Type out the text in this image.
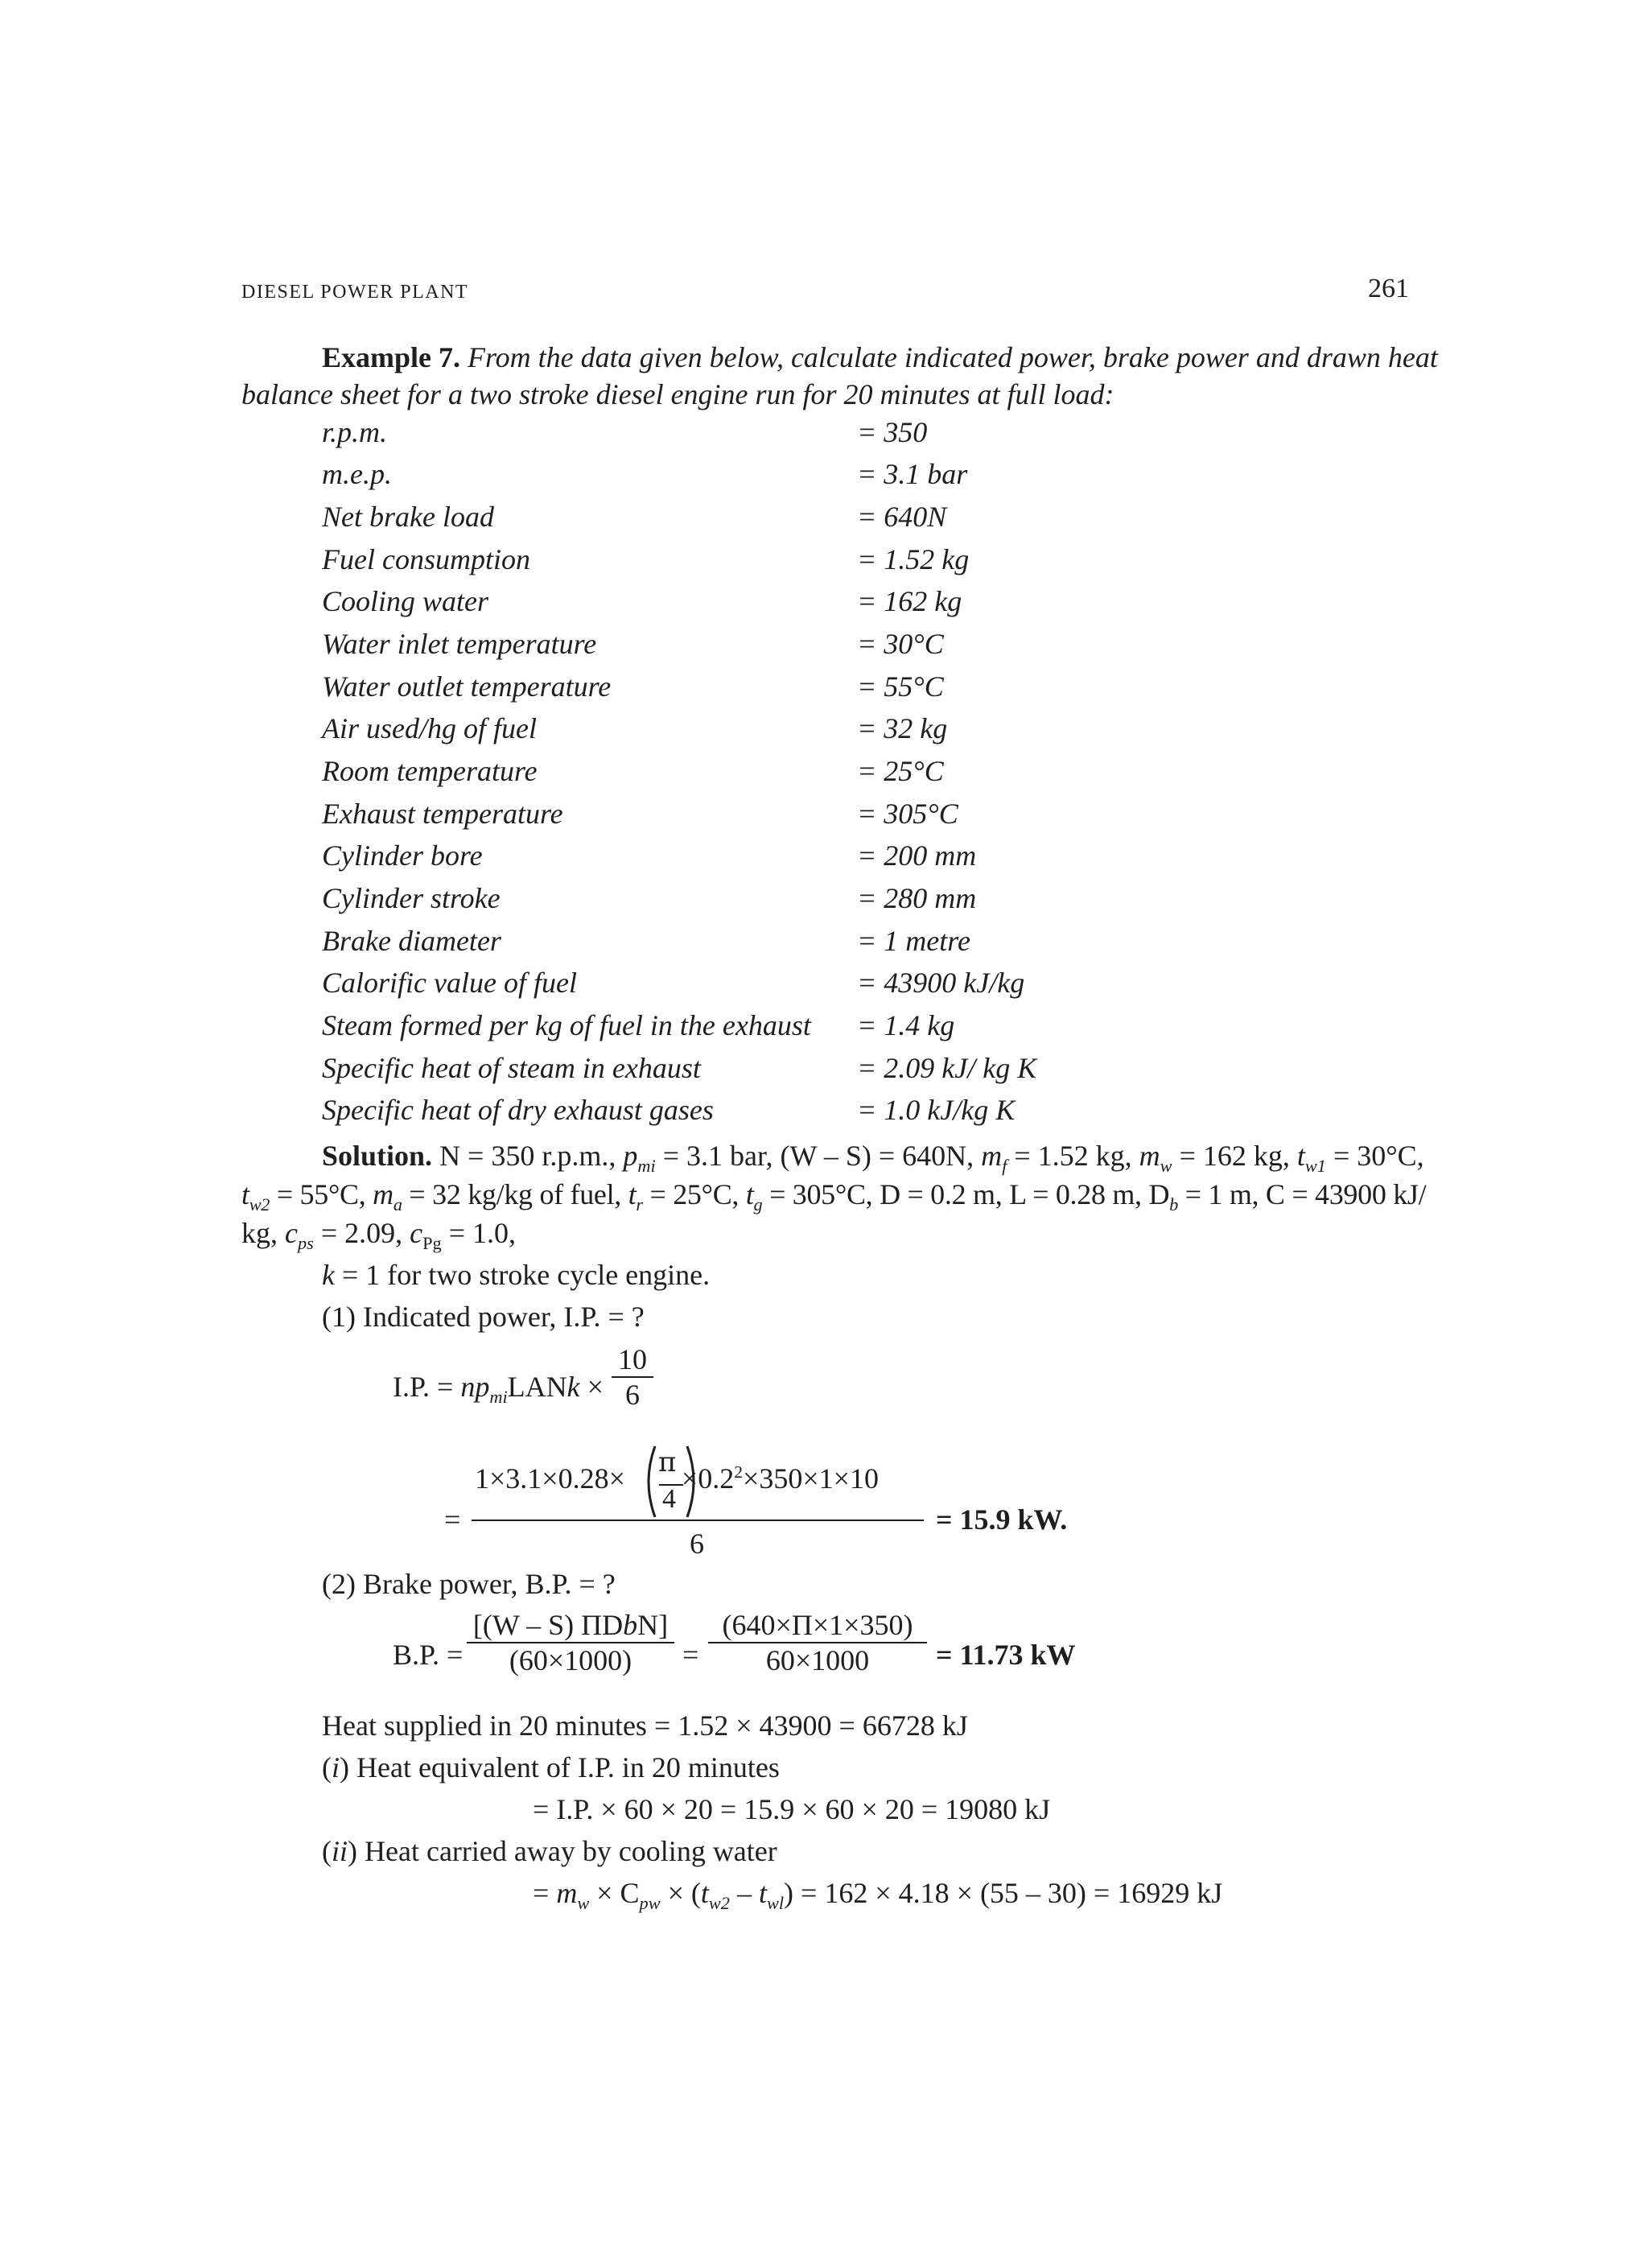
DIESEL POWER PLANT	261
Example 7. From the data given below, calculate indicated power, brake power and drawn heat
balance sheet for a two stroke diesel engine run for 20 minutes at full load:
r.p.m.	= 350
m.e.p.	= 3.1 bar
Net brake load	= 640N
Fuel consumption	= 1.52 kg
Cooling water	= 162 kg
Water inlet temperature	= 30°C
Water outlet temperature	= 55°C
Air used/hg of fuel	= 32 kg
Room temperature	= 25°C
Exhaust temperature	= 305°C
Cylinder bore	= 200 mm
Cylinder stroke	= 280 mm
Brake diameter	= 1 metre
Calorific value of fuel	= 43900 kJ/kg
Steam formed per kg of fuel in the exhaust = 1.4 kg
Specific heat of steam in exhaust	= 2.09 kJ/ kg K
Specific heat of dry exhaust gases	= 1.0 kJ/kg K
Solution. N = 350 r.p.m., $p_{mi} = 3.1$ bar, (W – S) = 640N, $m_f = 1.52$ kg, $m_w = 162$ kg, $t_{w1} = 30^\circ C$,
$t_{w2} = 55^\circ C$, $m_a = 32$ kg/kg of fuel, $t_r = 25^\circ C$, $t_g = 305^\circ C$, D = 0.2 m, L = 0.28 m, $D_b = 1$ m, C = 43900 kJ/
kg, $c_{ps} = 2.09$, $c_{Pg} = 1.0$,
k = 1 for two stroke cycle engine.
(1) Indicated power, I.P. = ?
I.P. = $np_{mi}LANk$ ×
10
6
=
$1\times 3.1\times 0.28\times \times 0.2^2\times 350\times 1\times 10$
π
4
6
= 15.9 kW.
(2) Brake power, B.P. = ?
B.P. =
[(W – S) ΠDbN]
(60×1000)	=
(640×Π×1×350)
60×1000	= 11.73 kW
Heat supplied in 20 minutes = 1.52 × 43900 = 66728 kJ
(i) Heat equivalent of I.P. in 20 minutes
= I.P. × 60 × 20 = 15.9 × 60 × 20 = 19080 kJ
(ii) Heat carried away by cooling water
= $m_w \times C_{pw} \times (t_{w2} - t_{wl}) = 162 \times 4.18 \times (55 - 30) = 16929$ kJ
